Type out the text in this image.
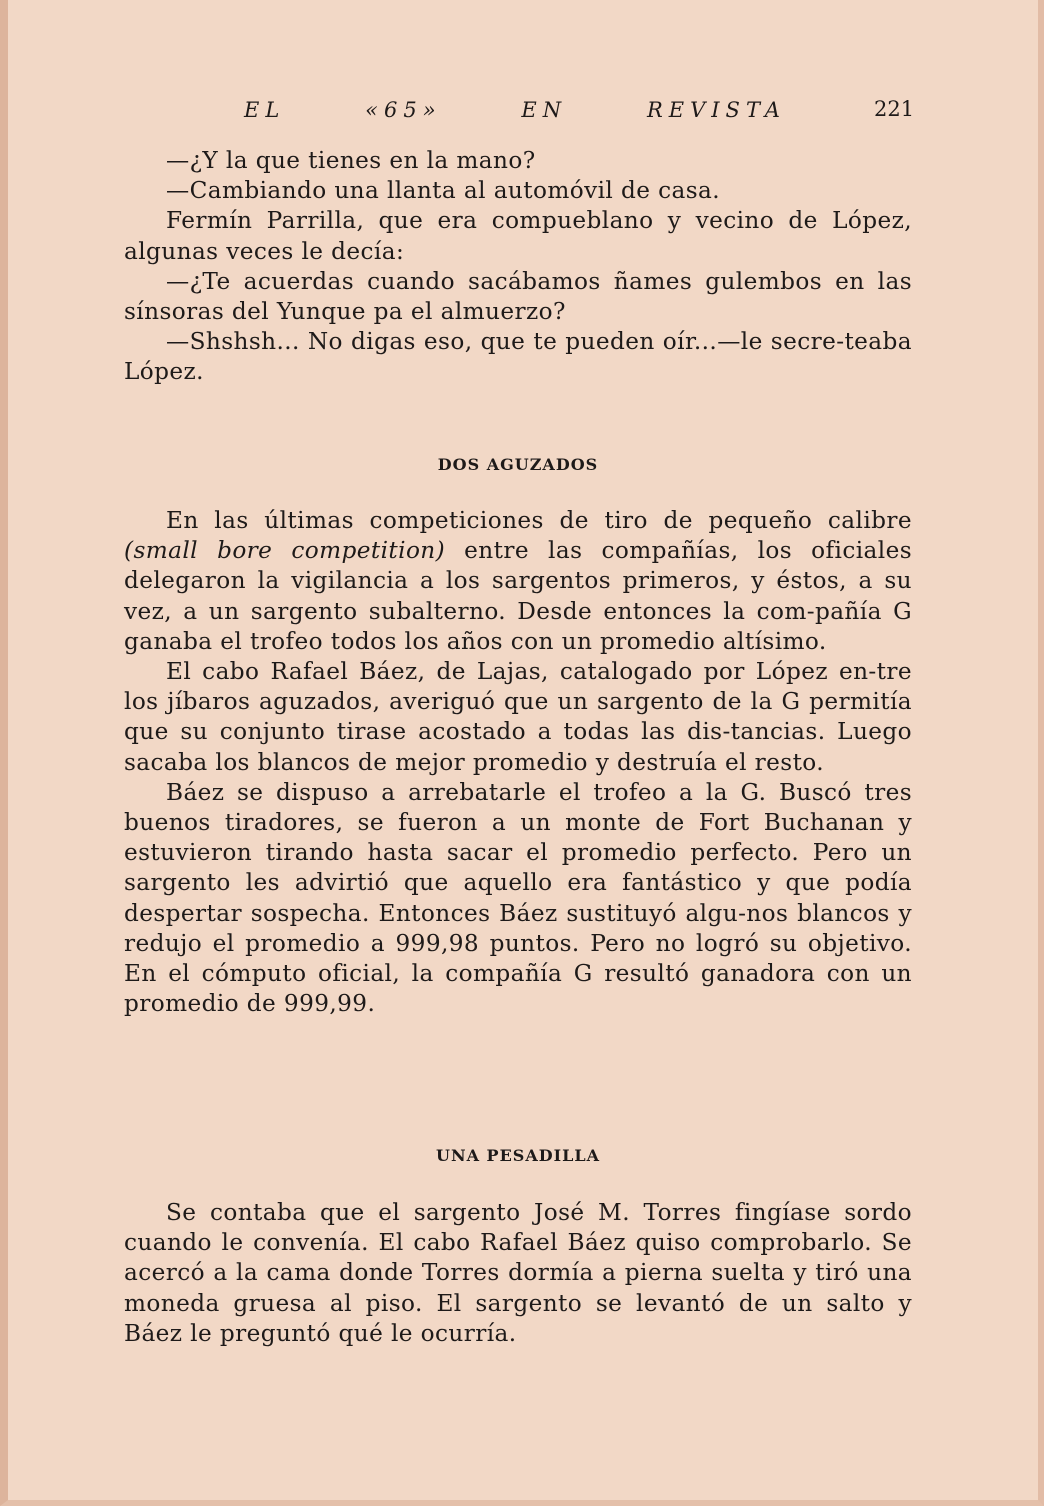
EL	«65»	EN	REVISTA	221

—¿Y la que tienes en la mano?

—Cambiando una llanta al automóvil de casa.

Fermín Parrilla, que era compueblano y vecino de López, algunas veces le decía:

—¿Te acuerdas cuando sacábamos ñames gulembos en las sínsoras del Yunque pa el almuerzo?

—Shshsh... No digas eso, que te pueden oír...—le secre-teaba López.

DOS AGUZADOS

En las últimas competiciones de tiro de pequeño calibre (small bore competition) entre las compañías, los oficiales delegaron la vigilancia a los sargentos primeros, y éstos, a su vez, a un sargento subalterno. Desde entonces la com-pañía G ganaba el trofeo todos los años con un promedio altísimo.

El cabo Rafael Báez, de Lajas, catalogado por López en-tre los jíbaros aguzados, averiguó que un sargento de la G permitía que su conjunto tirase acostado a todas las dis-tancias. Luego sacaba los blancos de mejor promedio y destruía el resto.

Báez se dispuso a arrebatarle el trofeo a la G. Buscó tres buenos tiradores, se fueron a un monte de Fort Buchanan y estuvieron tirando hasta sacar el promedio perfecto. Pero un sargento les advirtió que aquello era fantástico y que podía despertar sospecha. Entonces Báez sustituyó algu-nos blancos y redujo el promedio a 999,98 puntos. Pero no logró su objetivo. En el cómputo oficial, la compañía G resultó ganadora con un promedio de 999,99.

UNA PESADILLA

Se contaba que el sargento José M. Torres fingíase sordo cuando le convenía. El cabo Rafael Báez quiso comprobarlo. Se acercó a la cama donde Torres dormía a pierna suelta y tiró una moneda gruesa al piso. El sargento se levantó de un salto y Báez le preguntó qué le ocurría.
